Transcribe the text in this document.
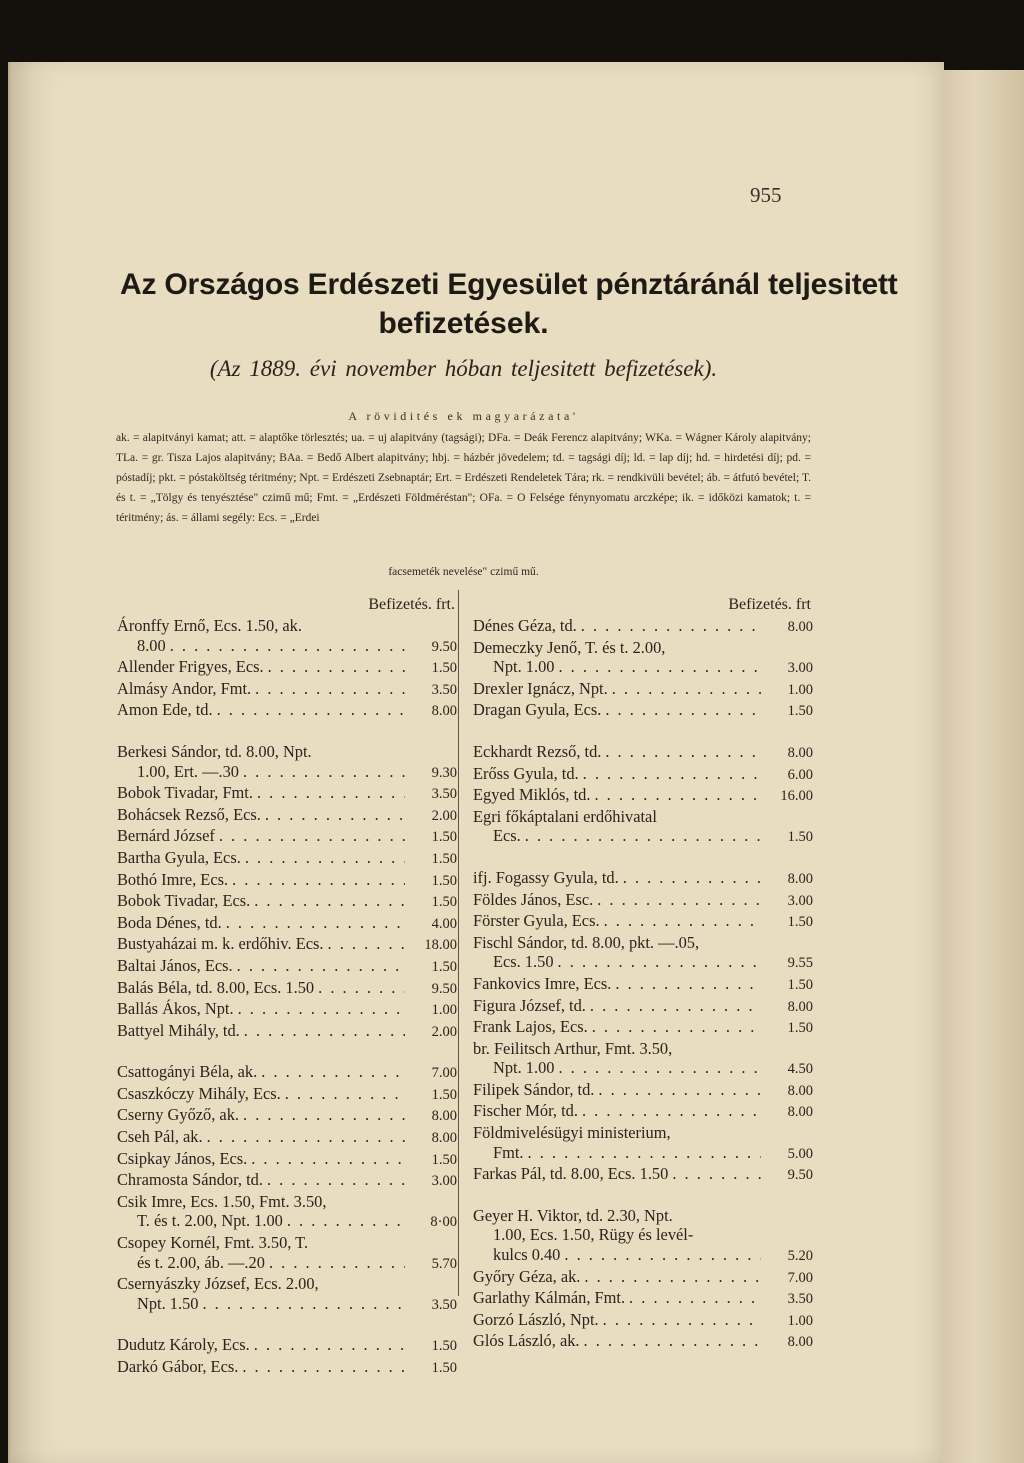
955
Az Országos Erdészeti Egyesület pénztáránál teljesitett
befizetések.
(Az 1889. évi november hóban teljesitett befizetések).
A rövidités ek magyarázata'
ak. = alapitványi kamat; att. = alaptőke törlesztés; ua. = uj alapitvány (tagsági); DFa. = Deák Ferencz alapitvány; WKa. = Wágner Károly alapitvány; TLa. = gr. Tisza Lajos alapitvány; BAa. = Bedő Albert alapitvány; hbj. = házbér jövedelem; td. = tagsági díj; ld. = lap díj; hd. = hirdetési díj; pd. = póstadíj; pkt. = póstaköltség téritmény; Npt. = Erdészeti Zsebnaptár; Ert. = Erdészeti Rendeletek Tára; rk. = rendkivüli bevétel; áb. = átfutó bevétel; T. és t. = „Tölgy és tenyésztése" czimű mű; Fmt. = „Erdészeti Földméréstan"; OFa. = O Felsége fénynyomatu arczképe; ik. = időközi kamatok; t. = téritmény; ás. = állami segély: Ecs. = „Erdei
facsemeték nevelése" czimű mű.
Befizetés. frt.
Áronffy Ernő, Ecs. 1.50, ak.
8.00 . . .	9.50
Allender Frigyes, Ecs. . . .	1.50
Almásy Andor, Fmt. . . .	3.50
Amon Ede, td. . . .	8.00
Berkesi Sándor, td. 8.00, Npt.
1.00, Ert. —.30 . . .	9.30
Bobok Tivadar, Fmt. . . .	3.50
Bohácsek Rezső, Ecs. . . .	2.00
Bernárd József . . .	1.50
Bartha Gyula, Ecs. . . .	1.50
Bothó Imre, Ecs. . . .	1.50
Bobok Tivadar, Ecs. . . .	1.50
Boda Dénes, td. . . .	4.00
Bustyaházai m. k. erdőhiv. Ecs. . . .	18.00
Baltai János, Ecs. . . .	1.50
Balás Béla, td. 8.00, Ecs. 1.50 . . .	9.50
Ballás Ákos, Npt. . . .	1.00
Battyel Mihály, td. . . .	2.00
Csattogányi Béla, ak. . . .	7.00
Csaszkóczy Mihály, Ecs. . . .	1.50
Cserny Győző, ak. . . .	8.00
Cseh Pál, ak. . . .	8.00
Csipkay János, Ecs. . . .	1.50
Chramosta Sándor, td. . . .	3.00
Csik Imre, Ecs. 1.50, Fmt. 3.50,
T. és t. 2.00, Npt. 1.00 . . .	8·00
Csopey Kornél, Fmt. 3.50, T.
és t. 2.00, áb. —.20 . . .	5.70
Csernyászky József, Ecs. 2.00,
Npt. 1.50 . . .	3.50
Dudutz Károly, Ecs. . . .	1.50
Darkó Gábor, Ecs. . . .	1.50
Befizetés. frt
Dénes Géza, td. . . .	8.00
Demeczky Jenő, T. és t. 2.00,
Npt. 1.00 . . .	3.00
Drexler Ignácz, Npt. . . .	1.00
Dragan Gyula, Ecs. . . .	1.50
Eckhardt Rezső, td. . . .	8.00
Erőss Gyula, td. . . .	6.00
Egyed Miklós, td. . . .	16.00
Egri főkáptalani erdőhivatal
Ecs. . . .	1.50
ifj. Fogassy Gyula, td. . . .	8.00
Földes János, Esc. . . .	3.00
Förster Gyula, Ecs. . . .	1.50
Fischl Sándor, td. 8.00, pkt. —.05,
Ecs. 1.50 . . .	9.55
Fankovics Imre, Ecs. . . .	1.50
Figura József, td. . . .	8.00
Frank Lajos, Ecs. . . .	1.50
br. Feilitsch Arthur, Fmt. 3.50,
Npt. 1.00 . . .	4.50
Filipek Sándor, td. . . .	8.00
Fischer Mór, td. . . .	8.00
Földmivelésügyi ministerium,
Fmt. . . .	5.00
Farkas Pál, td. 8.00, Ecs. 1.50 . . .	9.50
Geyer H. Viktor, td. 2.30, Npt.
1.00, Ecs. 1.50, Rügy és levél-
kulcs 0.40 . . .	5.20
Győry Géza, ak. . . .	7.00
Garlathy Kálmán, Fmt. . . .	3.50
Gorzó László, Npt. . . .	1.00
Glós László, ak. . . .	8.00
